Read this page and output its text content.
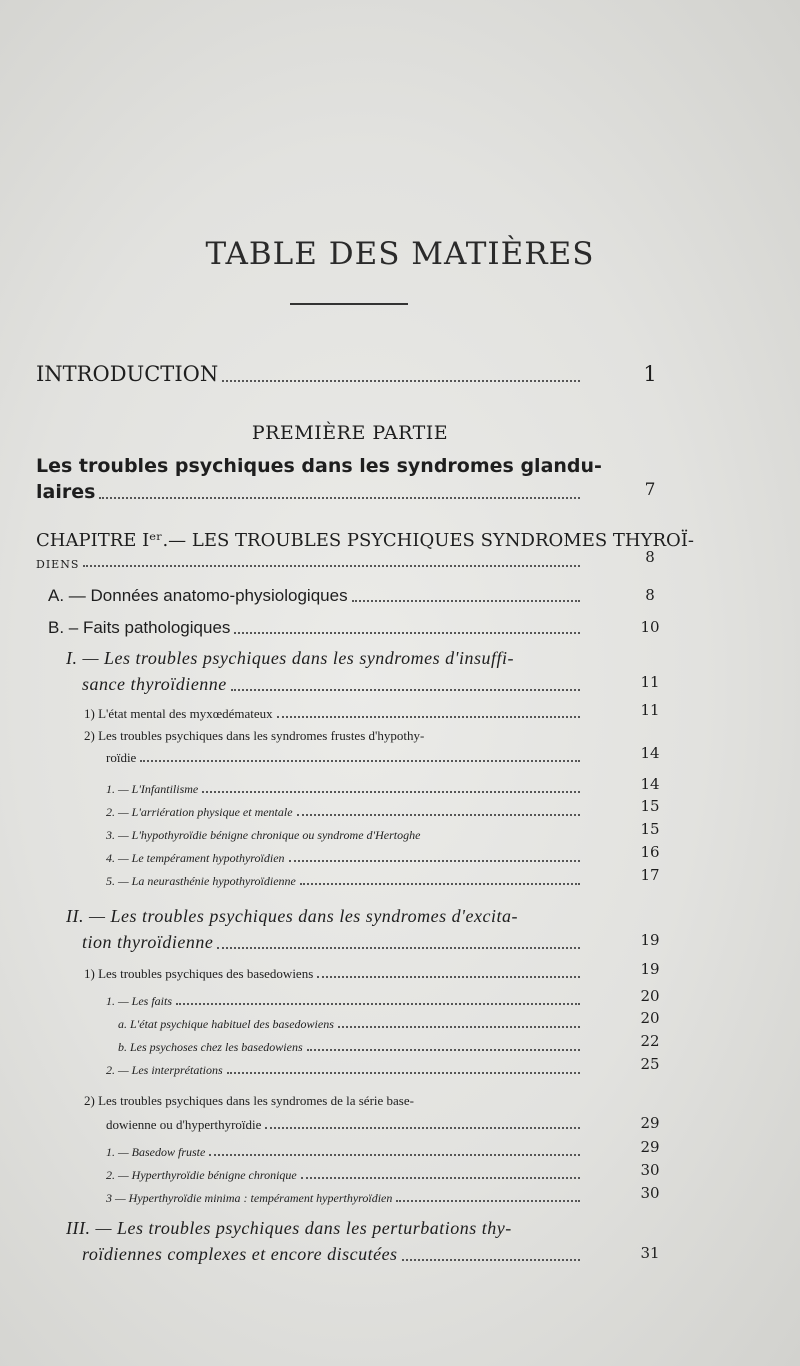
TABLE DES MATIÈRES
INTRODUCTION	1
PREMIÈRE PARTIE
Les troubles psychiques dans les syndromes glandu-
laires	7
CHAPITRE Iᵉʳ.— LES TROUBLES PSYCHIQUES SYNDROMES THYROÏ-
DIENS	8
A. — Données anatomo-physiologiques	8
B. – Faits pathologiques	10
I. — Les troubles psychiques dans les syndromes d'insuffi-
sance thyroïdienne	11
1) L'état mental des myxœdémateux	11
2) Les troubles psychiques dans les syndromes frustes d'hypothy-
roïdie	14
1. — L'Infantilisme	14
2. — L'arriération physique et mentale	15
3. — L'hypothyroïdie bénigne chronique ou syndrome d'Hertoghe	15
4. — Le tempérament hypothyroïdien	16
5. — La neurasthénie hypothyroïdienne	17
II. — Les troubles psychiques dans les syndromes d'excita-
tion thyroïdienne	19
1) Les troubles psychiques des basedowiens	19
1. — Les faits	20
a. L'état psychique habituel des basedowiens	20
b. Les psychoses chez les basedowiens	22
2. — Les interprétations	25
2) Les troubles psychiques dans les syndromes de la série base-
dowienne ou d'hyperthyroïdie	29
1. — Basedow fruste	29
2. — Hyperthyroïdie bénigne chronique	30
3 — Hyperthyroïdie minima : tempérament hyperthyroïdien	30
III. — Les troubles psychiques dans les perturbations thy-
roïdiennes complexes et encore discutées	31
